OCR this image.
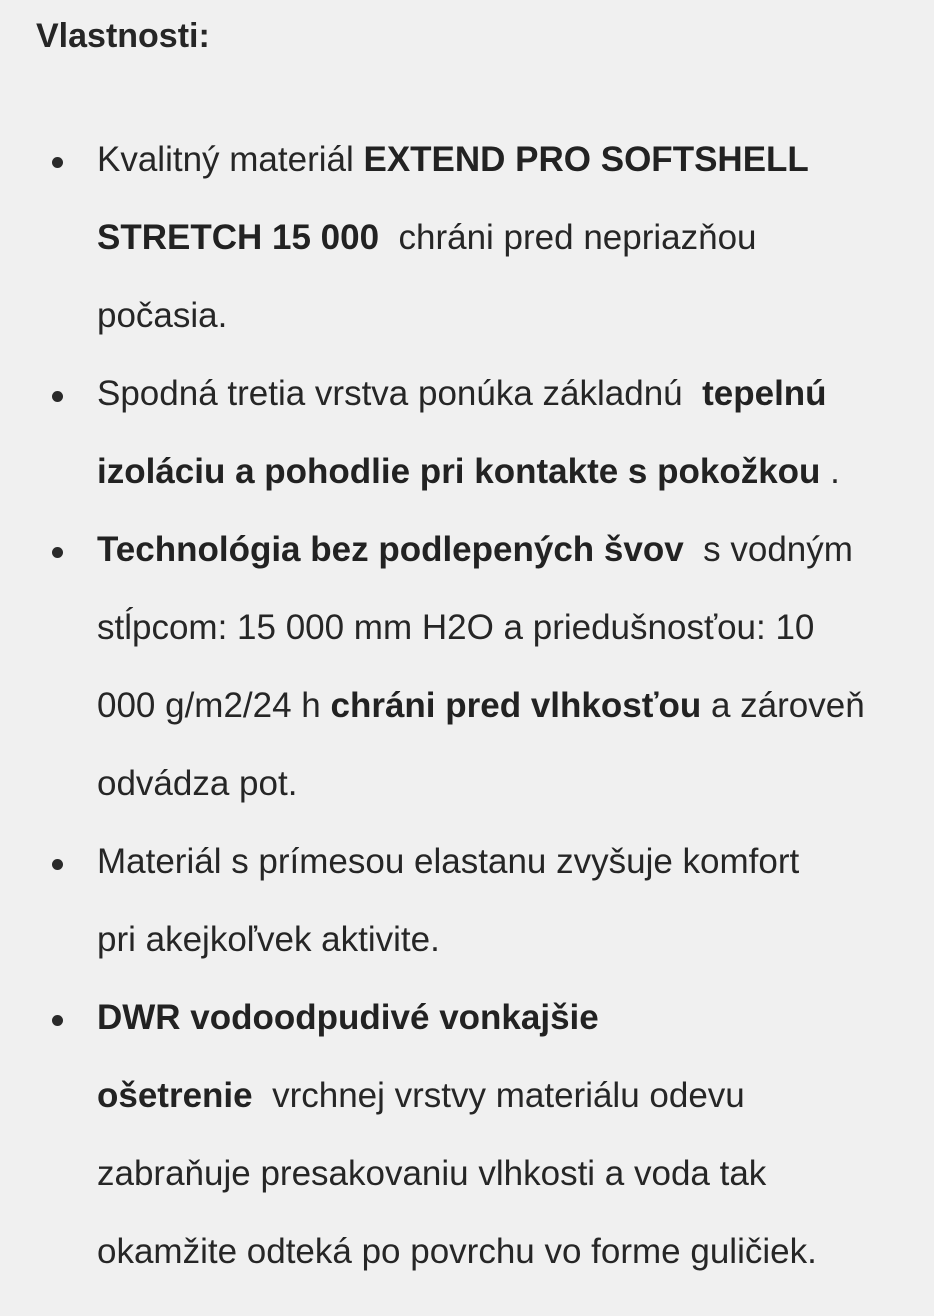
Vlastnosti:
Kvalitný materiál EXTEND PRO SOFTSHELL
STRETCH 15 000  chráni pred nepriazňou
počasia.
Spodná tretia vrstva ponúka základnú  tepelnú
izoláciu a pohodlie pri kontakte s pokožkou .
Technológia bez podlepených švov  s vodným
stĺpcom: 15 000 mm H2O a priedušnosťou: 10
000 g/m2/24 h chráni pred vlhkosťou a zároveň
odvádza pot.
Materiál s prímesou elastanu zvyšuje komfort
pri akejkoľvek aktivite.
DWR vodoodpudivé vonkajšie
ošetrenie  vrchnej vrstvy materiálu odevu
zabraňuje presakovaniu vlhkosti a voda tak
okamžite odteká po povrchu vo forme guličiek.
